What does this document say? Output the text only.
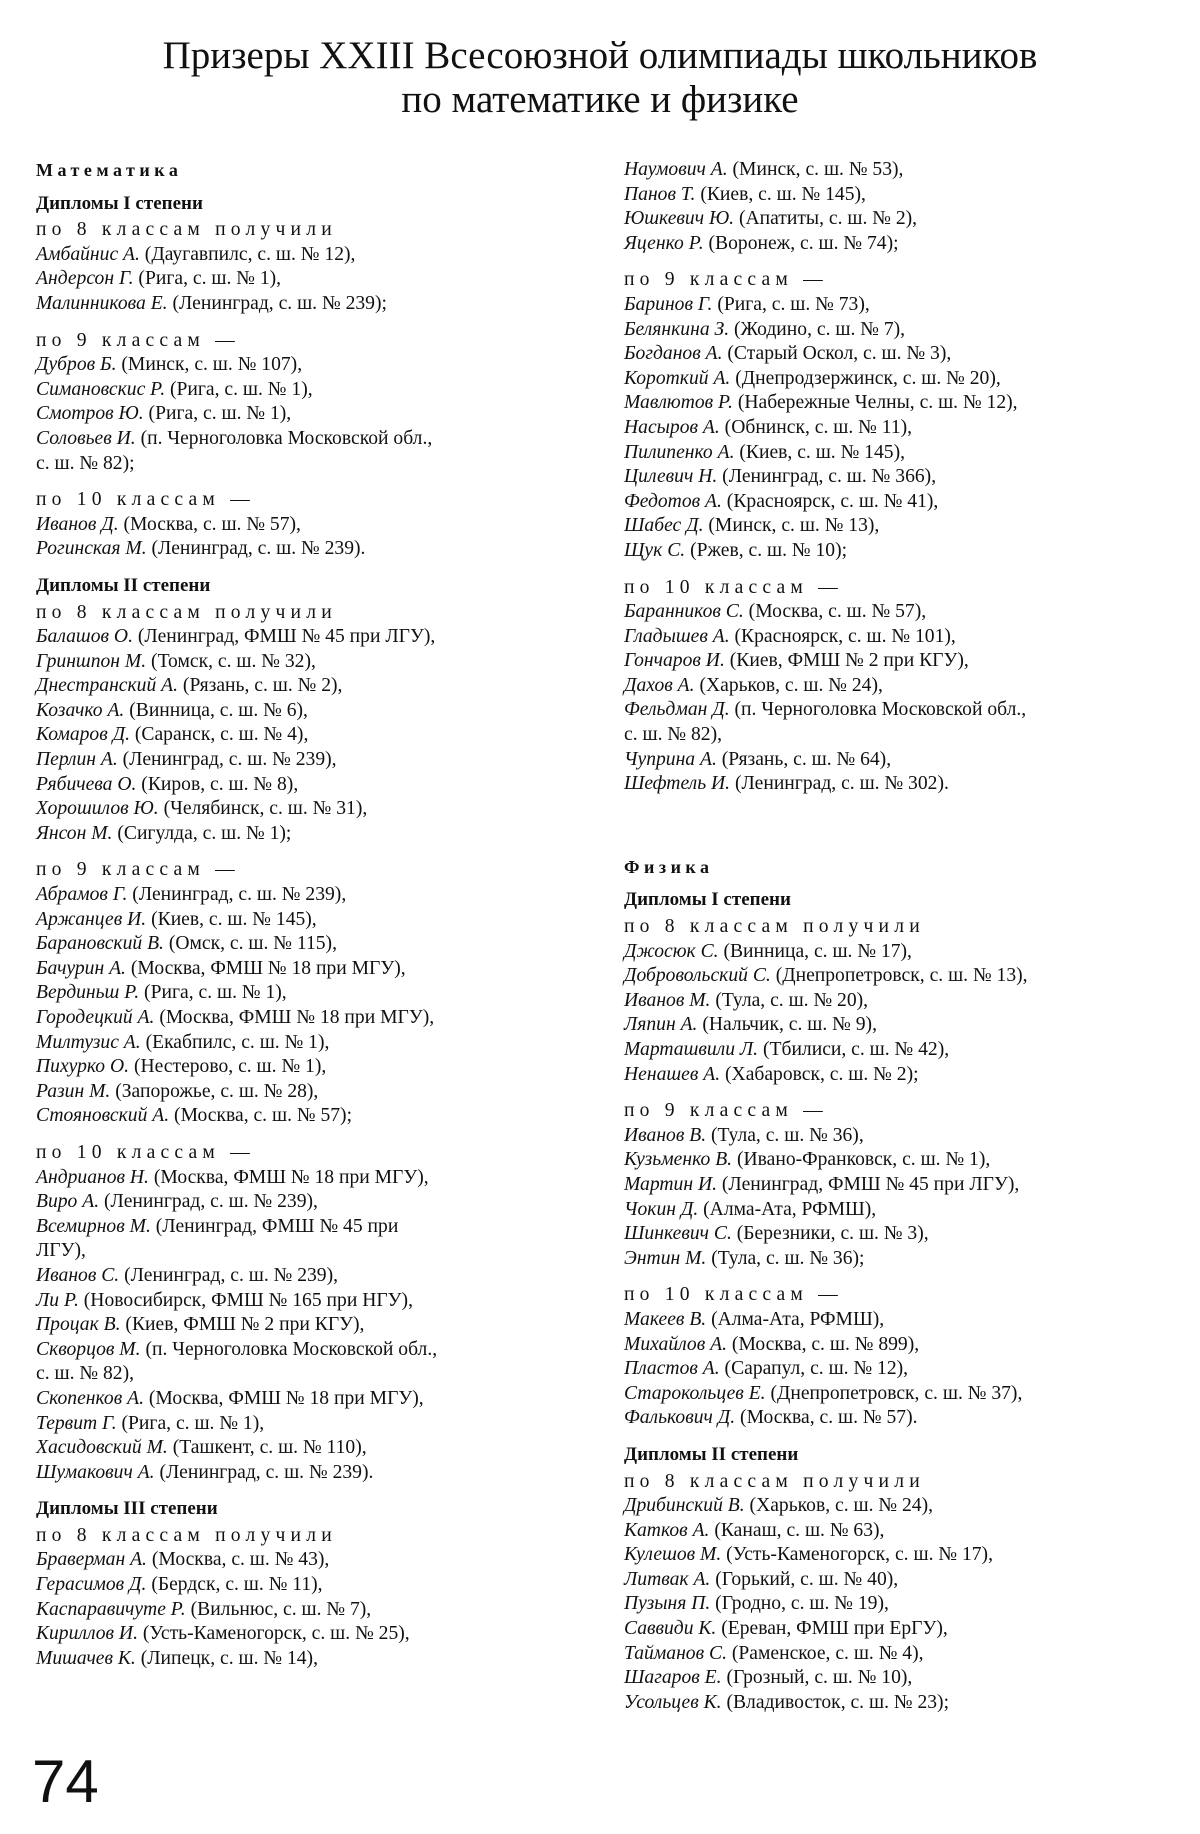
Призеры XXIII Всесоюзной олимпиады школьников
по математике и физике
Математика
Дипломы I степени
по 8 классам получили
Амбайнис А. (Даугавпилс, с. ш. № 12),
Андерсон Г. (Рига, с. ш. № 1),
Малинникова Е. (Ленинград, с. ш. № 239);
по 9 классам —
Дубров Б. (Минск, с. ш. № 107),
Симановскис Р. (Рига, с. ш. № 1),
Смотров Ю. (Рига, с. ш. № 1),
Соловьев И. (п. Черноголовка Московской обл.,
с. ш. № 82);
по 10 классам —
Иванов Д. (Москва, с. ш. № 57),
Рогинская М. (Ленинград, с. ш. № 239).
Дипломы II степени
по 8 классам получили
Балашов О. (Ленинград, ФМШ № 45 при ЛГУ),
Гриншпон М. (Томск, с. ш. № 32),
Днестранский А. (Рязань, с. ш. № 2),
Козачко А. (Винница, с. ш. № 6),
Комаров Д. (Саранск, с. ш. № 4),
Перлин А. (Ленинград, с. ш. № 239),
Рябичева О. (Киров, с. ш. № 8),
Хорошилов Ю. (Челябинск, с. ш. № 31),
Янсон М. (Сигулда, с. ш. № 1);
по 9 классам —
Абрамов Г. (Ленинград, с. ш. № 239),
Аржанцев И. (Киев, с. ш. № 145),
Барановский В. (Омск, с. ш. № 115),
Бачурин А. (Москва, ФМШ № 18 при МГУ),
Вердиньш Р. (Рига, с. ш. № 1),
Городецкий А. (Москва, ФМШ № 18 при МГУ),
Милтузис А. (Екабпилс, с. ш. № 1),
Пихурко О. (Нестерово, с. ш. № 1),
Разин М. (Запорожье, с. ш. № 28),
Стояновский А. (Москва, с. ш. № 57);
по 10 классам —
Андрианов Н. (Москва, ФМШ № 18 при МГУ),
Виро А. (Ленинград, с. ш. № 239),
Всемирнов М. (Ленинград, ФМШ № 45 при
ЛГУ),
Иванов С. (Ленинград, с. ш. № 239),
Ли Р. (Новосибирск, ФМШ № 165 при НГУ),
Процак В. (Киев, ФМШ № 2 при КГУ),
Скворцов М. (п. Черноголовка Московской обл.,
с. ш. № 82),
Скопенков А. (Москва, ФМШ № 18 при МГУ),
Тервит Г. (Рига, с. ш. № 1),
Хасидовский М. (Ташкент, с. ш. № 110),
Шумакович А. (Ленинград, с. ш. № 239).
Дипломы III степени
по 8 классам получили
Браверман А. (Москва, с. ш. № 43),
Герасимов Д. (Бердск, с. ш. № 11),
Каспаравичуте Р. (Вильнюс, с. ш. № 7),
Кириллов И. (Усть-Каменогорск, с. ш. № 25),
Мишачев К. (Липецк, с. ш. № 14),
Наумович А. (Минск, с. ш. № 53),
Панов Т. (Киев, с. ш. № 145),
Юшкевич Ю. (Апатиты, с. ш. № 2),
Яценко Р. (Воронеж, с. ш. № 74);
по 9 классам —
Баринов Г. (Рига, с. ш. № 73),
Белянкина З. (Жодино, с. ш. № 7),
Богданов А. (Старый Оскол, с. ш. № 3),
Короткий А. (Днепродзержинск, с. ш. № 20),
Мавлютов Р. (Набережные Челны, с. ш. № 12),
Насыров А. (Обнинск, с. ш. № 11),
Пилипенко А. (Киев, с. ш. № 145),
Цилевич Н. (Ленинград, с. ш. № 366),
Федотов А. (Красноярск, с. ш. № 41),
Шабес Д. (Минск, с. ш. № 13),
Щук С. (Ржев, с. ш. № 10);
по 10 классам —
Баранников С. (Москва, с. ш. № 57),
Гладышев А. (Красноярск, с. ш. № 101),
Гончаров И. (Киев, ФМШ № 2 при КГУ),
Дахов А. (Харьков, с. ш. № 24),
Фельдман Д. (п. Черноголовка Московской обл.,
с. ш. № 82),
Чуприна А. (Рязань, с. ш. № 64),
Шефтель И. (Ленинград, с. ш. № 302).
Физика
Дипломы I степени
по 8 классам получили
Джосюк С. (Винница, с. ш. № 17),
Добровольский С. (Днепропетровск, с. ш. № 13),
Иванов М. (Тула, с. ш. № 20),
Ляпин А. (Нальчик, с. ш. № 9),
Марташвили Л. (Тбилиси, с. ш. № 42),
Ненашев А. (Хабаровск, с. ш. № 2);
по 9 классам —
Иванов В. (Тула, с. ш. № 36),
Кузьменко В. (Ивано-Франковск, с. ш. № 1),
Мартин И. (Ленинград, ФМШ № 45 при ЛГУ),
Чокин Д. (Алма-Ата, РФМШ),
Шинкевич С. (Березники, с. ш. № 3),
Энтин М. (Тула, с. ш. № 36);
по 10 классам —
Макеев В. (Алма-Ата, РФМШ),
Михайлов А. (Москва, с. ш. № 899),
Пластов А. (Сарапул, с. ш. № 12),
Старокольцев Е. (Днепропетровск, с. ш. № 37),
Фалькович Д. (Москва, с. ш. № 57).
Дипломы II степени
по 8 классам получили
Дрибинский В. (Харьков, с. ш. № 24),
Катков А. (Канаш, с. ш. № 63),
Кулешов М. (Усть-Каменогорск, с. ш. № 17),
Литвак А. (Горький, с. ш. № 40),
Пузыня П. (Гродно, с. ш. № 19),
Саввиди К. (Ереван, ФМШ при ЕрГУ),
Тайманов С. (Раменское, с. ш. № 4),
Шагаров Е. (Грозный, с. ш. № 10),
Усольцев К. (Владивосток, с. ш. № 23);
74
